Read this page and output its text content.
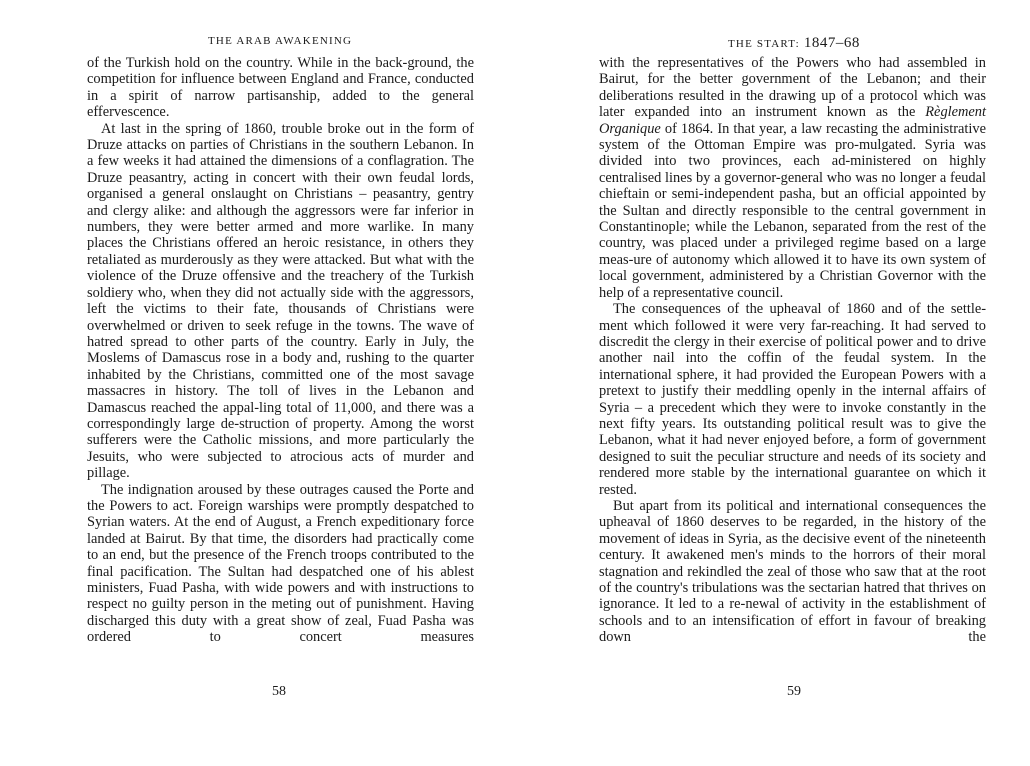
THE ARAB AWAKENING

of the Turkish hold on the country. While in the back-ground, the competition for influence between England and France, conducted in a spirit of narrow partisanship, added to the general effervescence.

At last in the spring of 1860, trouble broke out in the form of Druze attacks on parties of Christians in the southern Lebanon. In a few weeks it had attained the dimensions of a conflagration. The Druze peasantry, acting in concert with their own feudal lords, organised a general onslaught on Christians – peasantry, gentry and clergy alike: and although the aggressors were far inferior in numbers, they were better armed and more warlike. In many places the Christians offered an heroic resistance, in others they retaliated as murderously as they were attacked. But what with the violence of the Druze offensive and the treachery of the Turkish soldiery who, when they did not actually side with the aggressors, left the victims to their fate, thousands of Christians were overwhelmed or driven to seek refuge in the towns. The wave of hatred spread to other parts of the country. Early in July, the Moslems of Damascus rose in a body and, rushing to the quarter inhabited by the Christians, committed one of the most savage massacres in history. The toll of lives in the Lebanon and Damascus reached the appal-ling total of 11,000, and there was a correspondingly large de-struction of property. Among the worst sufferers were the Catholic missions, and more particularly the Jesuits, who were subjected to atrocious acts of murder and pillage.

The indignation aroused by these outrages caused the Porte and the Powers to act. Foreign warships were promptly despatched to Syrian waters. At the end of August, a French expeditionary force landed at Bairut. By that time, the disorders had practically come to an end, but the presence of the French troops contributed to the final pacification. The Sultan had despatched one of his ablest ministers, Fuad Pasha, with wide powers and with instructions to respect no guilty person in the meting out of punishment. Having discharged this duty with a great show of zeal, Fuad Pasha was ordered to concert measures

58
THE START: 1847–68

with the representatives of the Powers who had assembled in Bairut, for the better government of the Lebanon; and their deliberations resulted in the drawing up of a protocol which was later expanded into an instrument known as the Règlement Organique of 1864. In that year, a law recasting the administrative system of the Ottoman Empire was pro-mulgated. Syria was divided into two provinces, each ad-ministered on highly centralised lines by a governor-general who was no longer a feudal chieftain or semi-independent pasha, but an official appointed by the Sultan and directly responsible to the central government in Constantinople; while the Lebanon, separated from the rest of the country, was placed under a privileged regime based on a large meas-ure of autonomy which allowed it to have its own system of local government, administered by a Christian Governor with the help of a representative council.

The consequences of the upheaval of 1860 and of the settle-ment which followed it were very far-reaching. It had served to discredit the clergy in their exercise of political power and to drive another nail into the coffin of the feudal system. In the international sphere, it had provided the European Powers with a pretext to justify their meddling openly in the internal affairs of Syria – a precedent which they were to invoke constantly in the next fifty years. Its outstanding political result was to give the Lebanon, what it had never enjoyed before, a form of government designed to suit the peculiar structure and needs of its society and rendered more stable by the international guarantee on which it rested.

But apart from its political and international consequences the upheaval of 1860 deserves to be regarded, in the history of the movement of ideas in Syria, as the decisive event of the nineteenth century. It awakened men's minds to the horrors of their moral stagnation and rekindled the zeal of those who saw that at the root of the country's tribulations was the sectarian hatred that thrives on ignorance. It led to a re-newal of activity in the establishment of schools and to an intensification of effort in favour of breaking down the

59
